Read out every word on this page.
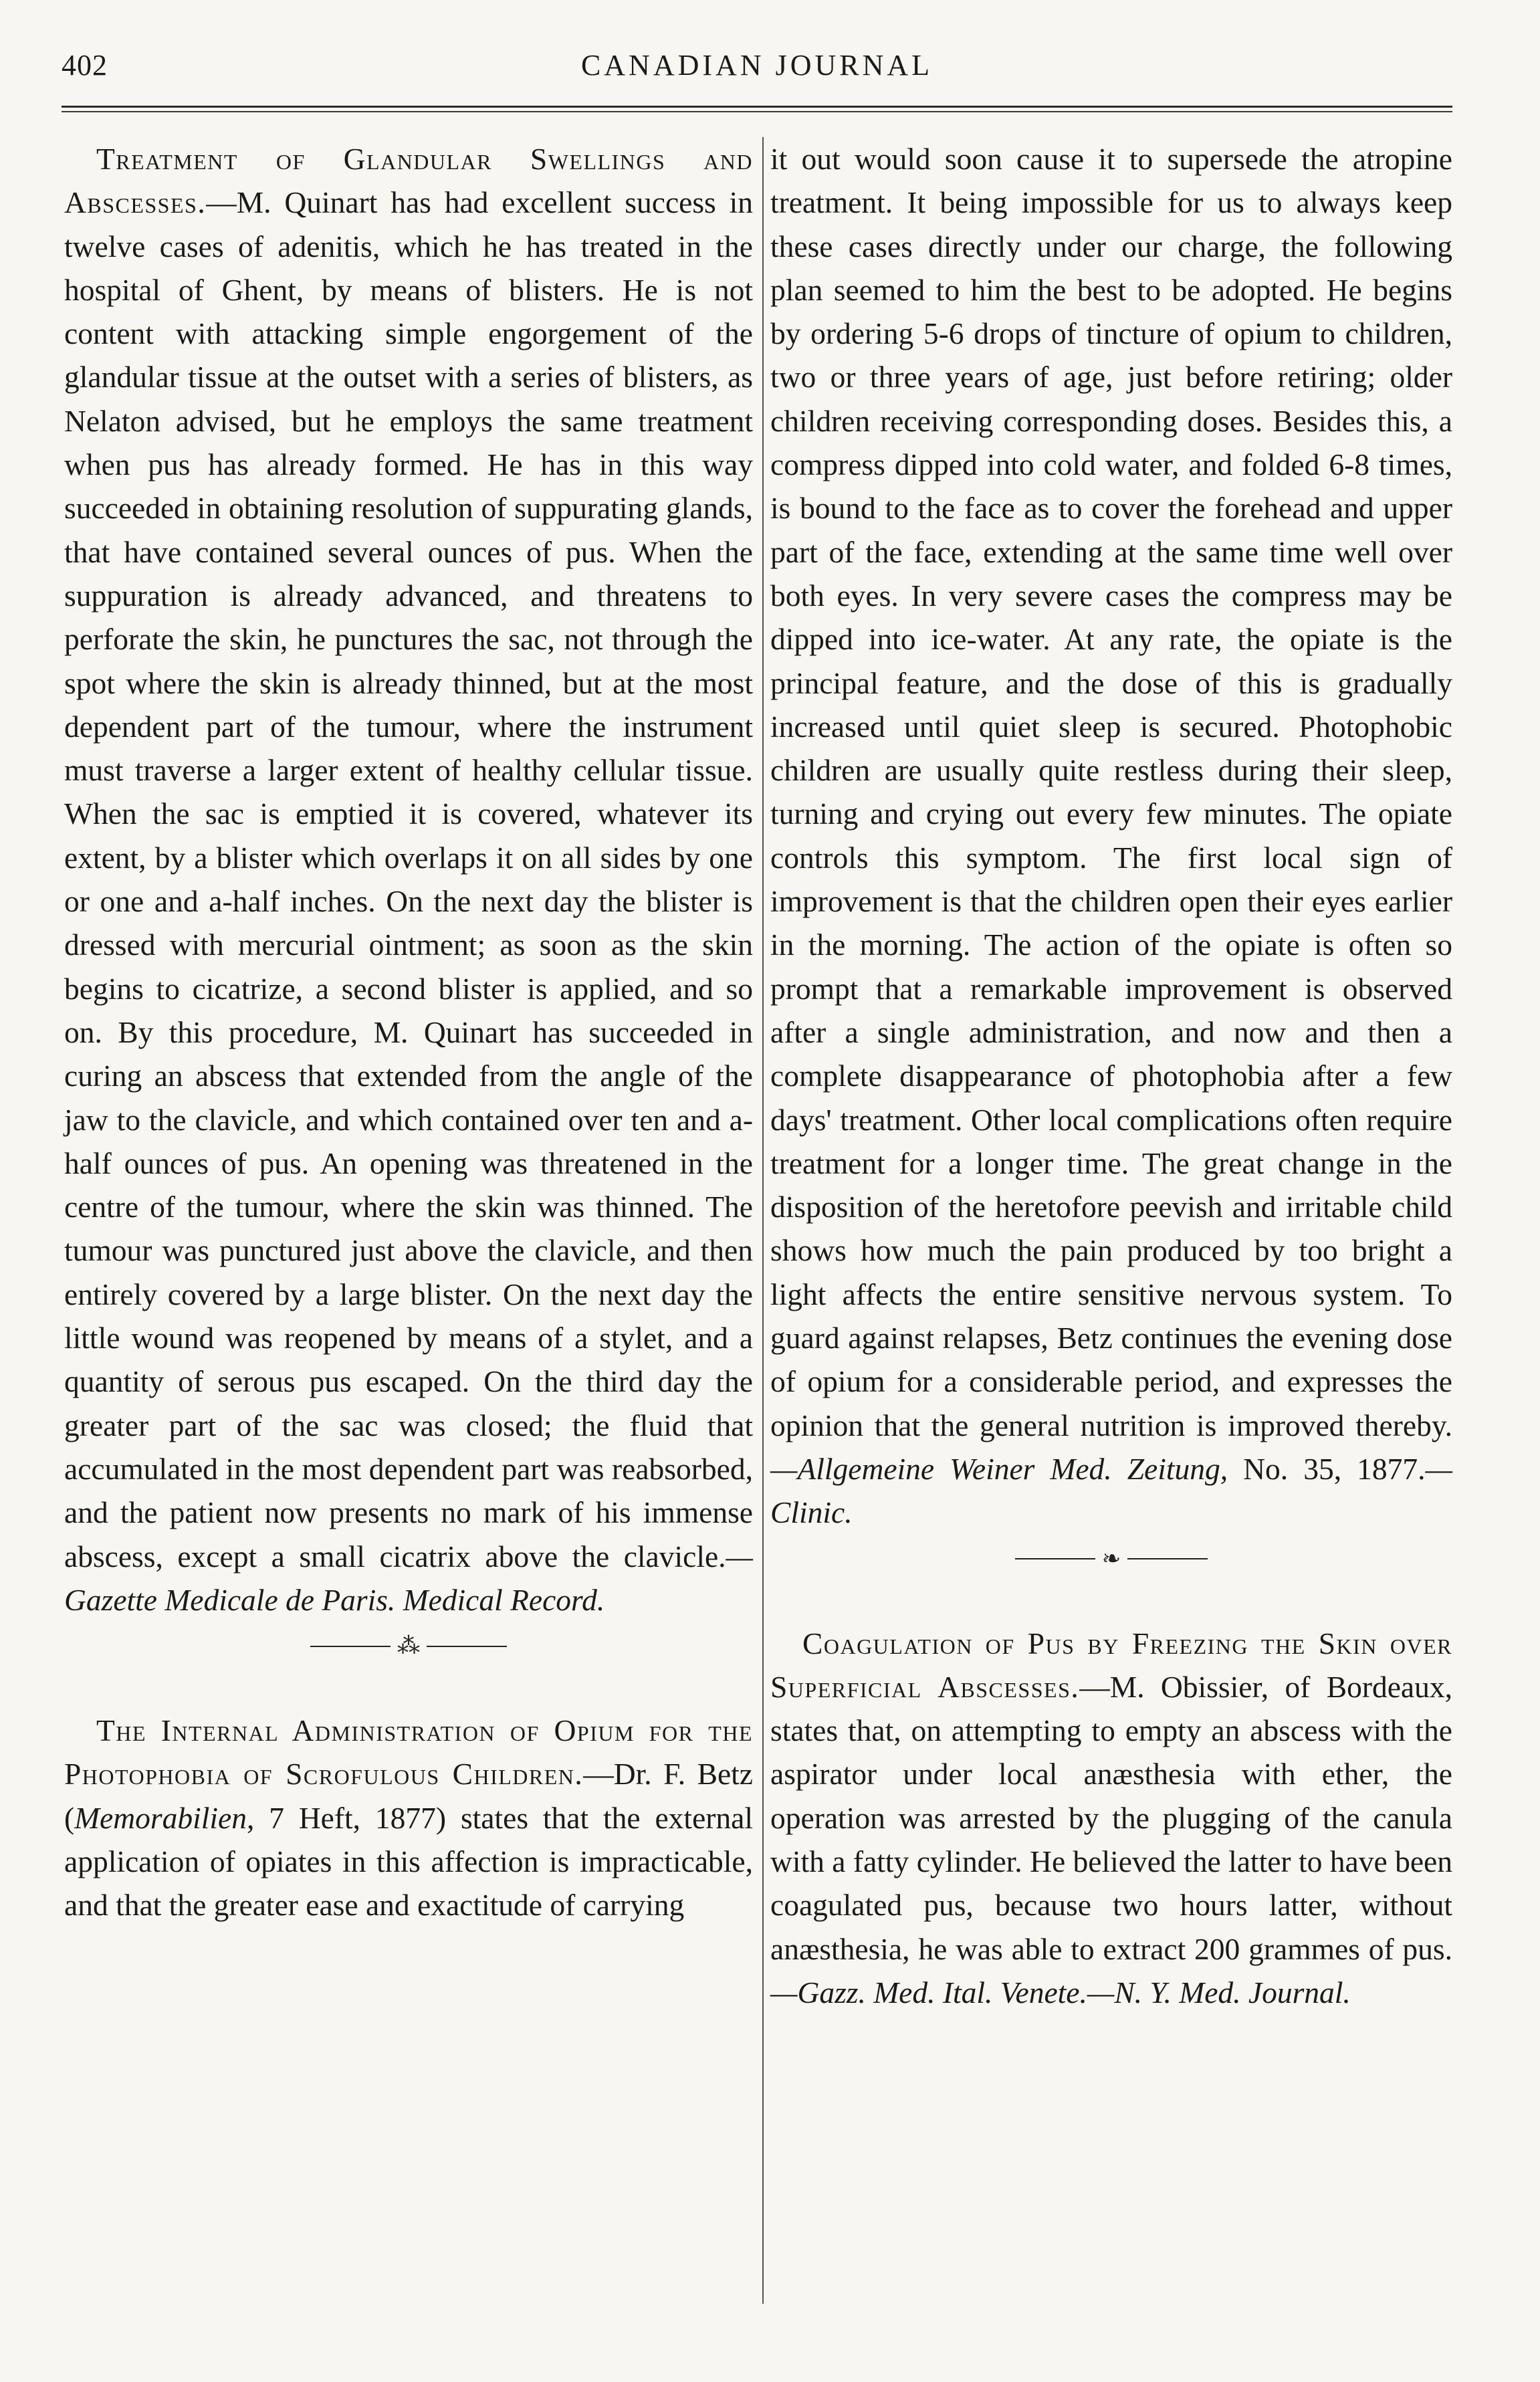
402	CANADIAN JOURNAL

Treatment of Glandular Swellings and Abscesses.—M. Quinart has had excellent success in twelve cases of adenitis, which he has treated in the hospital of Ghent, by means of blisters. He is not content with attacking simple engorgement of the glandular tissue at the outset with a series of blisters, as Nelaton advised, but he employs the same treatment when pus has already formed. He has in this way succeeded in obtaining resolution of suppurating glands, that have contained several ounces of pus. When the suppuration is already advanced, and threatens to perforate the skin, he punctures the sac, not through the spot where the skin is already thinned, but at the most dependent part of the tumour, where the instrument must traverse a larger extent of healthy cellular tissue. When the sac is emptied it is covered, whatever its extent, by a blister which overlaps it on all sides by one or one and a-half inches. On the next day the blister is dressed with mercurial ointment; as soon as the skin begins to cicatrize, a second blister is applied, and so on. By this procedure, M. Quinart has succeeded in curing an abscess that extended from the angle of the jaw to the clavicle, and which contained over ten and a-half ounces of pus. An opening was threatened in the centre of the tumour, where the skin was thinned. The tumour was punctured just above the clavicle, and then entirely covered by a large blister. On the next day the little wound was reopened by means of a stylet, and a quantity of serous pus escaped. On the third day the greater part of the sac was closed; the fluid that accumulated in the most dependent part was reabsorbed, and the patient now presents no mark of his immense abscess, except a small cicatrix above the clavicle.—Gazette Medicale de Paris. Medical Record.

⁂

The Internal Administration of Opium for the Photophobia of Scrofulous Children.—Dr. F. Betz (Memorabilien, 7 Heft, 1877) states that the external application of opiates in this affection is impracticable, and that the greater ease and exactitude of carrying

it out would soon cause it to supersede the atropine treatment. It being impossible for us to always keep these cases directly under our charge, the following plan seemed to him the best to be adopted. He begins by ordering 5-6 drops of tincture of opium to children, two or three years of age, just before retiring; older children receiving corresponding doses. Besides this, a compress dipped into cold water, and folded 6-8 times, is bound to the face as to cover the forehead and upper part of the face, extending at the same time well over both eyes. In very severe cases the compress may be dipped into ice-water. At any rate, the opiate is the principal feature, and the dose of this is gradually increased until quiet sleep is secured. Photophobic children are usually quite restless during their sleep, turning and crying out every few minutes. The opiate controls this symptom. The first local sign of improvement is that the children open their eyes earlier in the morning. The action of the opiate is often so prompt that a remarkable improvement is observed after a single administration, and now and then a complete disappearance of photophobia after a few days' treatment. Other local complications often require treatment for a longer time. The great change in the disposition of the heretofore peevish and irritable child shows how much the pain produced by too bright a light affects the entire sensitive nervous system. To guard against relapses, Betz continues the evening dose of opium for a considerable period, and expresses the opinion that the general nutrition is improved thereby.—Allgemeine Weiner Med. Zeitung, No. 35, 1877.—Clinic.

❧

Coagulation of Pus by Freezing the Skin over Superficial Abscesses.—M. Obissier, of Bordeaux, states that, on attempting to empty an abscess with the aspirator under local anæsthesia with ether, the operation was arrested by the plugging of the canula with a fatty cylinder. He believed the latter to have been coagulated pus, because two hours latter, without anæsthesia, he was able to extract 200 grammes of pus.—Gazz. Med. Ital. Venete.—N. Y. Med. Journal.
